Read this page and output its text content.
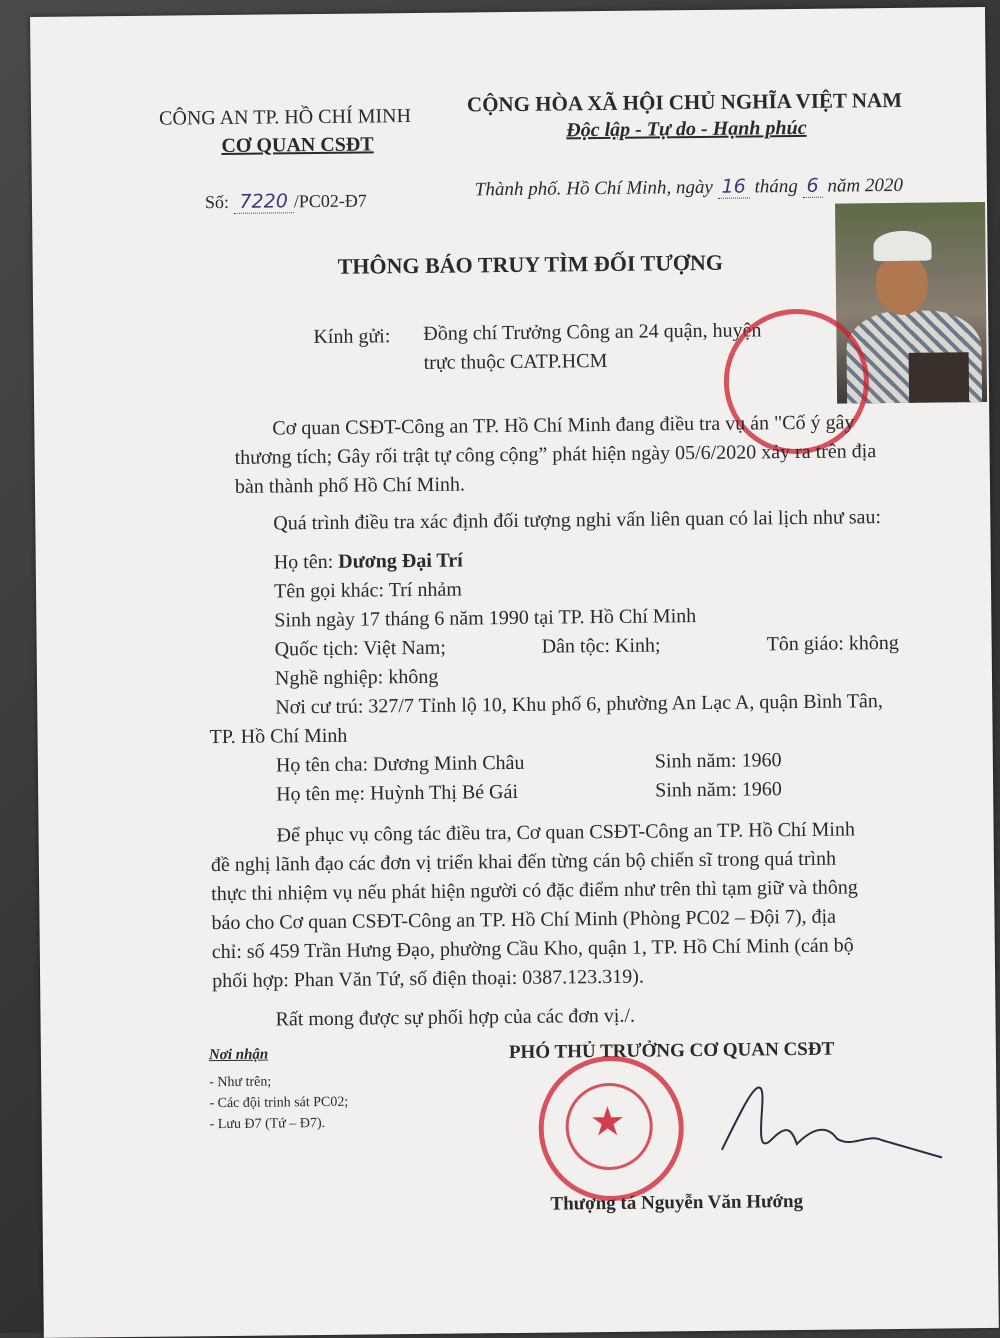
CÔNG AN TP. HỒ CHÍ MINH
CƠ QUAN CSĐT
CỘNG HÒA XÃ HỘI CHỦ NGHĨA VIỆT NAM
Độc lập - Tự do - Hạnh phúc
Số: 7220 /PC02-Đ7
Thành phố. Hồ Chí Minh, ngày 16 tháng 6 năm 2020
THÔNG BÁO TRUY TÌM ĐỐI TƯỢNG
Kính gửi: Đồng chí Trưởng Công an 24 quận, huyện
trực thuộc CATP.HCM
Cơ quan CSĐT-Công an TP. Hồ Chí Minh đang điều tra vụ án "Cố ý gây
thương tích; Gây rối trật tự công cộng” phát hiện ngày 05/6/2020 xảy ra trên địa
bàn thành phố Hồ Chí Minh.
Quá trình điều tra xác định đối tượng nghi vấn liên quan có lai lịch như sau:
Họ tên: Dương Đại Trí
Tên gọi khác: Trí nhảm
Sinh ngày 17 tháng 6 năm 1990 tại TP. Hồ Chí Minh
Quốc tịch: Việt Nam;	Dân tộc: Kinh;	Tôn giáo: không
Nghề nghiệp: không
Nơi cư trú: 327/7 Tỉnh lộ 10, Khu phố 6, phường An Lạc A, quận Bình Tân,
TP. Hồ Chí Minh
Họ tên cha: Dương Minh Châu	Sinh năm: 1960
Họ tên mẹ: Huỳnh Thị Bé Gái	Sinh năm: 1960
Để phục vụ công tác điều tra, Cơ quan CSĐT-Công an TP. Hồ Chí Minh
đề nghị lãnh đạo các đơn vị triển khai đến từng cán bộ chiến sĩ trong quá trình
thực thi nhiệm vụ nếu phát hiện người có đặc điểm như trên thì tạm giữ và thông
báo cho Cơ quan CSĐT-Công an TP. Hồ Chí Minh (Phòng PC02 – Đội 7), địa
chỉ: số 459 Trần Hưng Đạo, phường Cầu Kho, quận 1, TP. Hồ Chí Minh (cán bộ
phối hợp: Phan Văn Tứ, số điện thoại: 0387.123.319).
Rất mong được sự phối hợp của các đơn vị./.
Nơi nhận
- Như trên;
- Các đội trinh sát PC02;
- Lưu Đ7 (Tứ – Đ7).
PHÓ THỦ TRƯỞNG CƠ QUAN CSĐT
★
Thượng tá Nguyễn Văn Hướng
